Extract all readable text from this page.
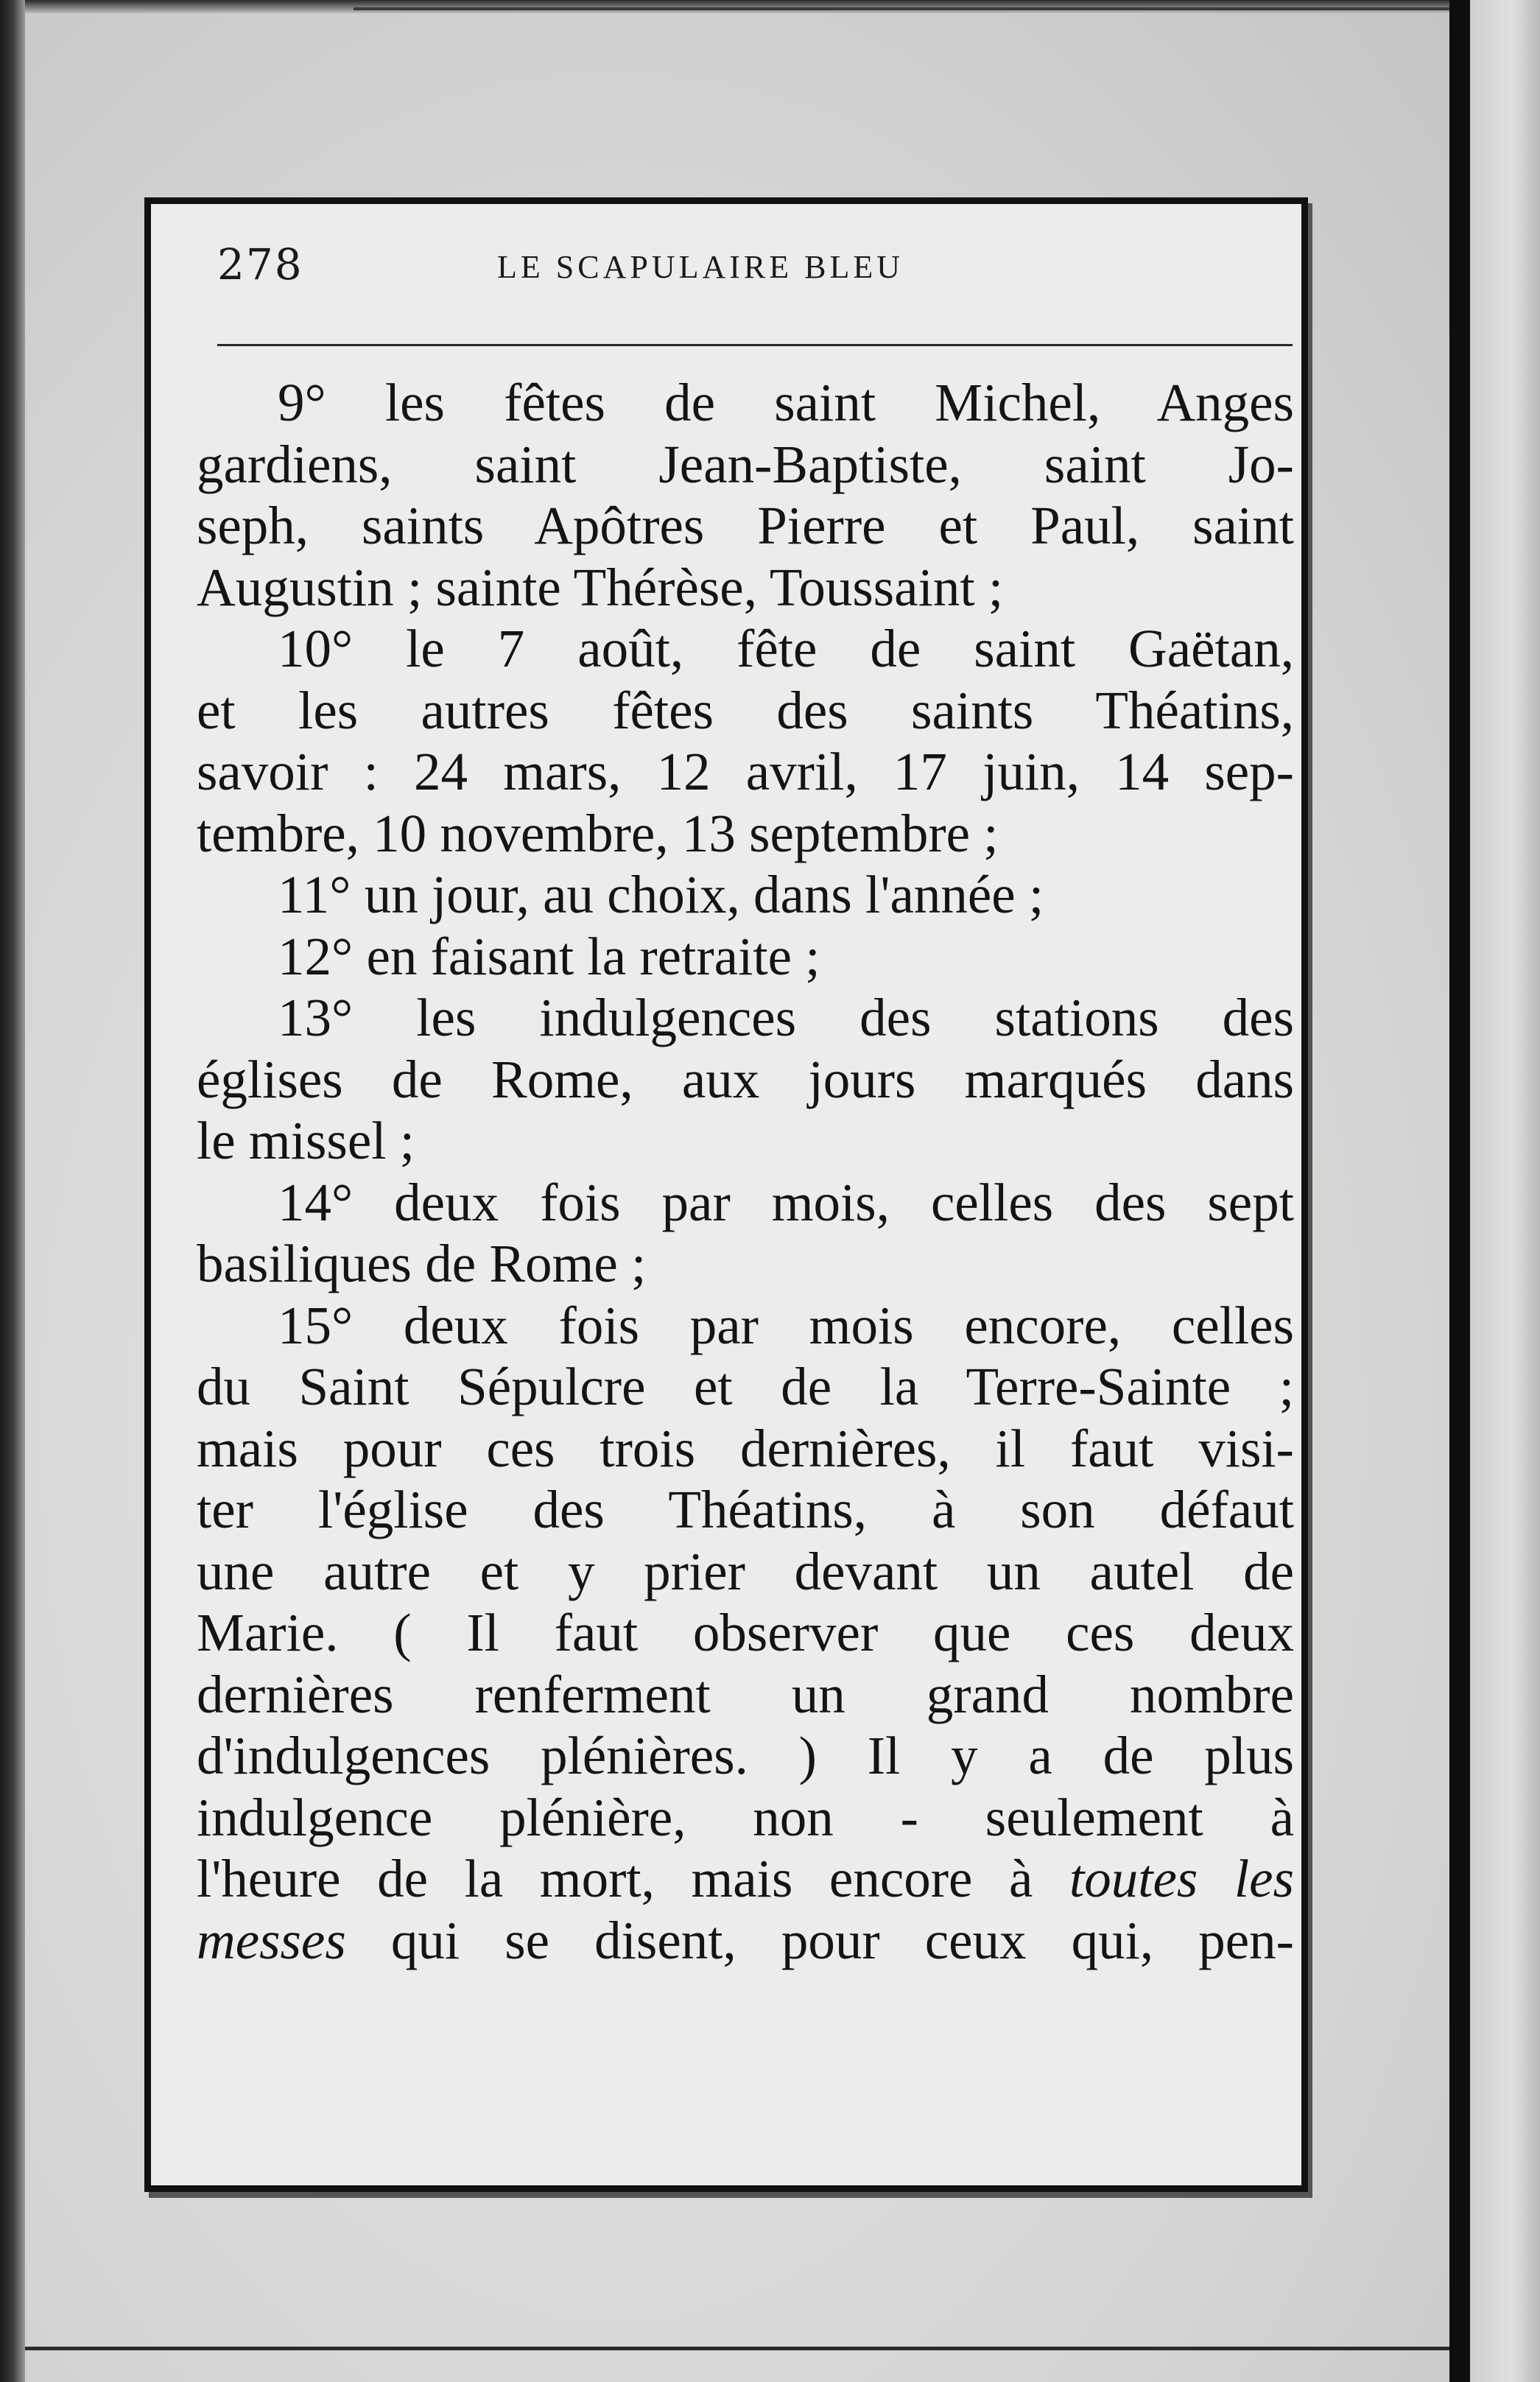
278	LE SCAPULAIRE BLEU
9° les fêtes de saint Michel, Anges
gardiens, saint Jean-Baptiste, saint Jo-
seph, saints Apôtres Pierre et Paul, saint
Augustin ; sainte Thérèse, Toussaint ;
10° le 7 août, fête de saint Gaëtan,
et les autres fêtes des saints Théatins,
savoir : 24 mars, 12 avril, 17 juin, 14 sep-
tembre, 10 novembre, 13 septembre ;
11° un jour, au choix, dans l'année ;
12° en faisant la retraite ;
13° les indulgences des stations des
églises de Rome, aux jours marqués dans
le missel ;
14° deux fois par mois, celles des sept
basiliques de Rome ;
15° deux fois par mois encore, celles
du Saint Sépulcre et de la Terre-Sainte ;
mais pour ces trois dernières, il faut visi-
ter l'église des Théatins, à son défaut
une autre et y prier devant un autel de
Marie. ( Il faut observer que ces deux
dernières renferment un grand nombre
d'indulgences plénières. ) Il y a de plus
indulgence plénière, non - seulement à
l'heure de la mort, mais encore à toutes les
messes qui se disent, pour ceux qui, pen-
